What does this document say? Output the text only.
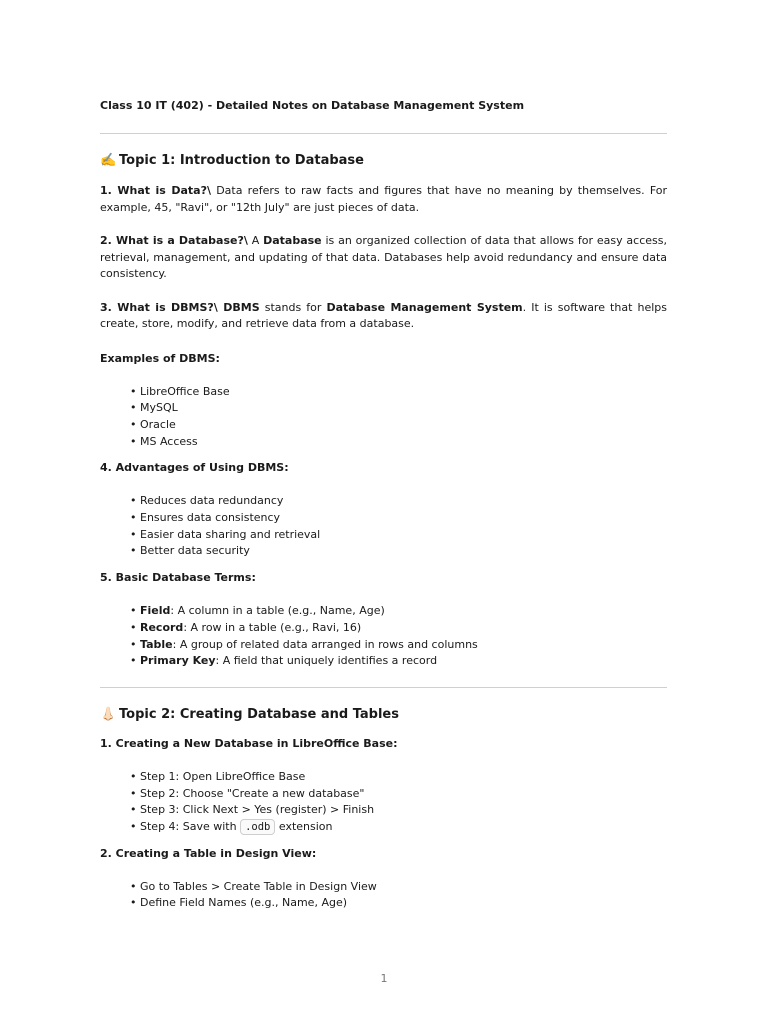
Class 10 IT (402) - Detailed Notes on Database Management System
✍️ Topic 1: Introduction to Database

1. What is Data?\ Data refers to raw facts and figures that have no meaning by themselves. For example, 45, "Ravi", or "12th July" are just pieces of data.

2. What is a Database?\ A Database is an organized collection of data that allows for easy access, retrieval, management, and updating of that data. Databases help avoid redundancy and ensure data consistency.

3. What is DBMS?\ DBMS stands for Database Management System. It is software that helps create, store, modify, and retrieve data from a database.

Examples of DBMS:
• LibreOffice Base
• MySQL
• Oracle
• MS Access
4. Advantages of Using DBMS:
• Reduces data redundancy
• Ensures data consistency
• Easier data sharing and retrieval
• Better data security
5. Basic Database Terms:
• Field: A column in a table (e.g., Name, Age)
• Record: A row in a table (e.g., Ravi, 16)
• Table: A group of related data arranged in rows and columns
• Primary Key: A field that uniquely identifies a record
👃🏻 Topic 2: Creating Database and Tables
1. Creating a New Database in LibreOffice Base:
• Step 1: Open LibreOffice Base
• Step 2: Choose "Create a new database"
• Step 3: Click Next > Yes (register) > Finish
• Step 4: Save with .odb extension
2. Creating a Table in Design View:
• Go to Tables > Create Table in Design View
• Define Field Names (e.g., Name, Age)
1
